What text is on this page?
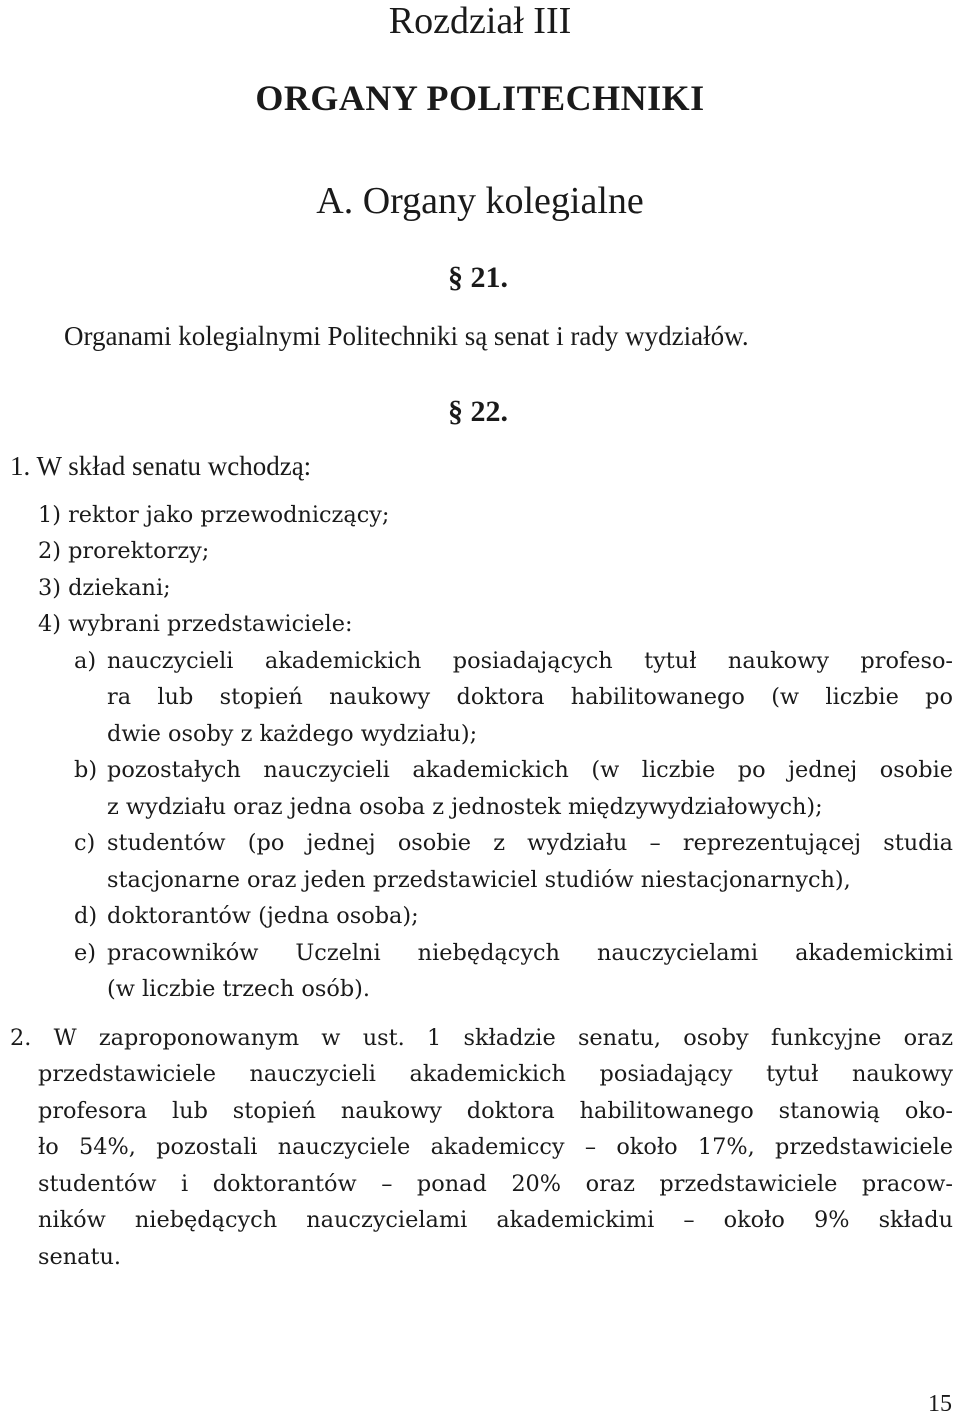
Rozdział III
ORGANY POLITECHNIKI
A. Organy kolegialne
§ 21.
Organami kolegialnymi Politechniki są senat i rady wydziałów.
§ 22.
1. W skład senatu wchodzą:
1) rektor jako przewodniczący;
2) prorektorzy;
3) dziekani;
4) wybrani przedstawiciele:
a) nauczycieli akademickich posiadających tytuł naukowy profeso-
ra lub stopień naukowy doktora habilitowanego (w liczbie po
dwie osoby z każdego wydziału);
b) pozostałych nauczycieli akademickich (w liczbie po jednej osobie
z wydziału oraz jedna osoba z jednostek międzywydziałowych);
c) studentów (po jednej osobie z wydziału – reprezentującej studia
stacjonarne oraz jeden przedstawiciel studiów niestacjonarnych),
d) doktorantów (jedna osoba);
e) pracowników Uczelni niebędących nauczycielami akademickimi
(w liczbie trzech osób).
2. W zaproponowanym w ust. 1 składzie senatu, osoby funkcyjne oraz
przedstawiciele nauczycieli akademickich posiadający tytuł naukowy
profesora lub stopień naukowy doktora habilitowanego stanowią oko-
ło 54%, pozostali nauczyciele akademiccy – około 17%, przedstawiciele
studentów i doktorantów – ponad 20% oraz przedstawiciele pracow-
ników niebędących nauczycielami akademickimi – około 9% składu
senatu.
15
